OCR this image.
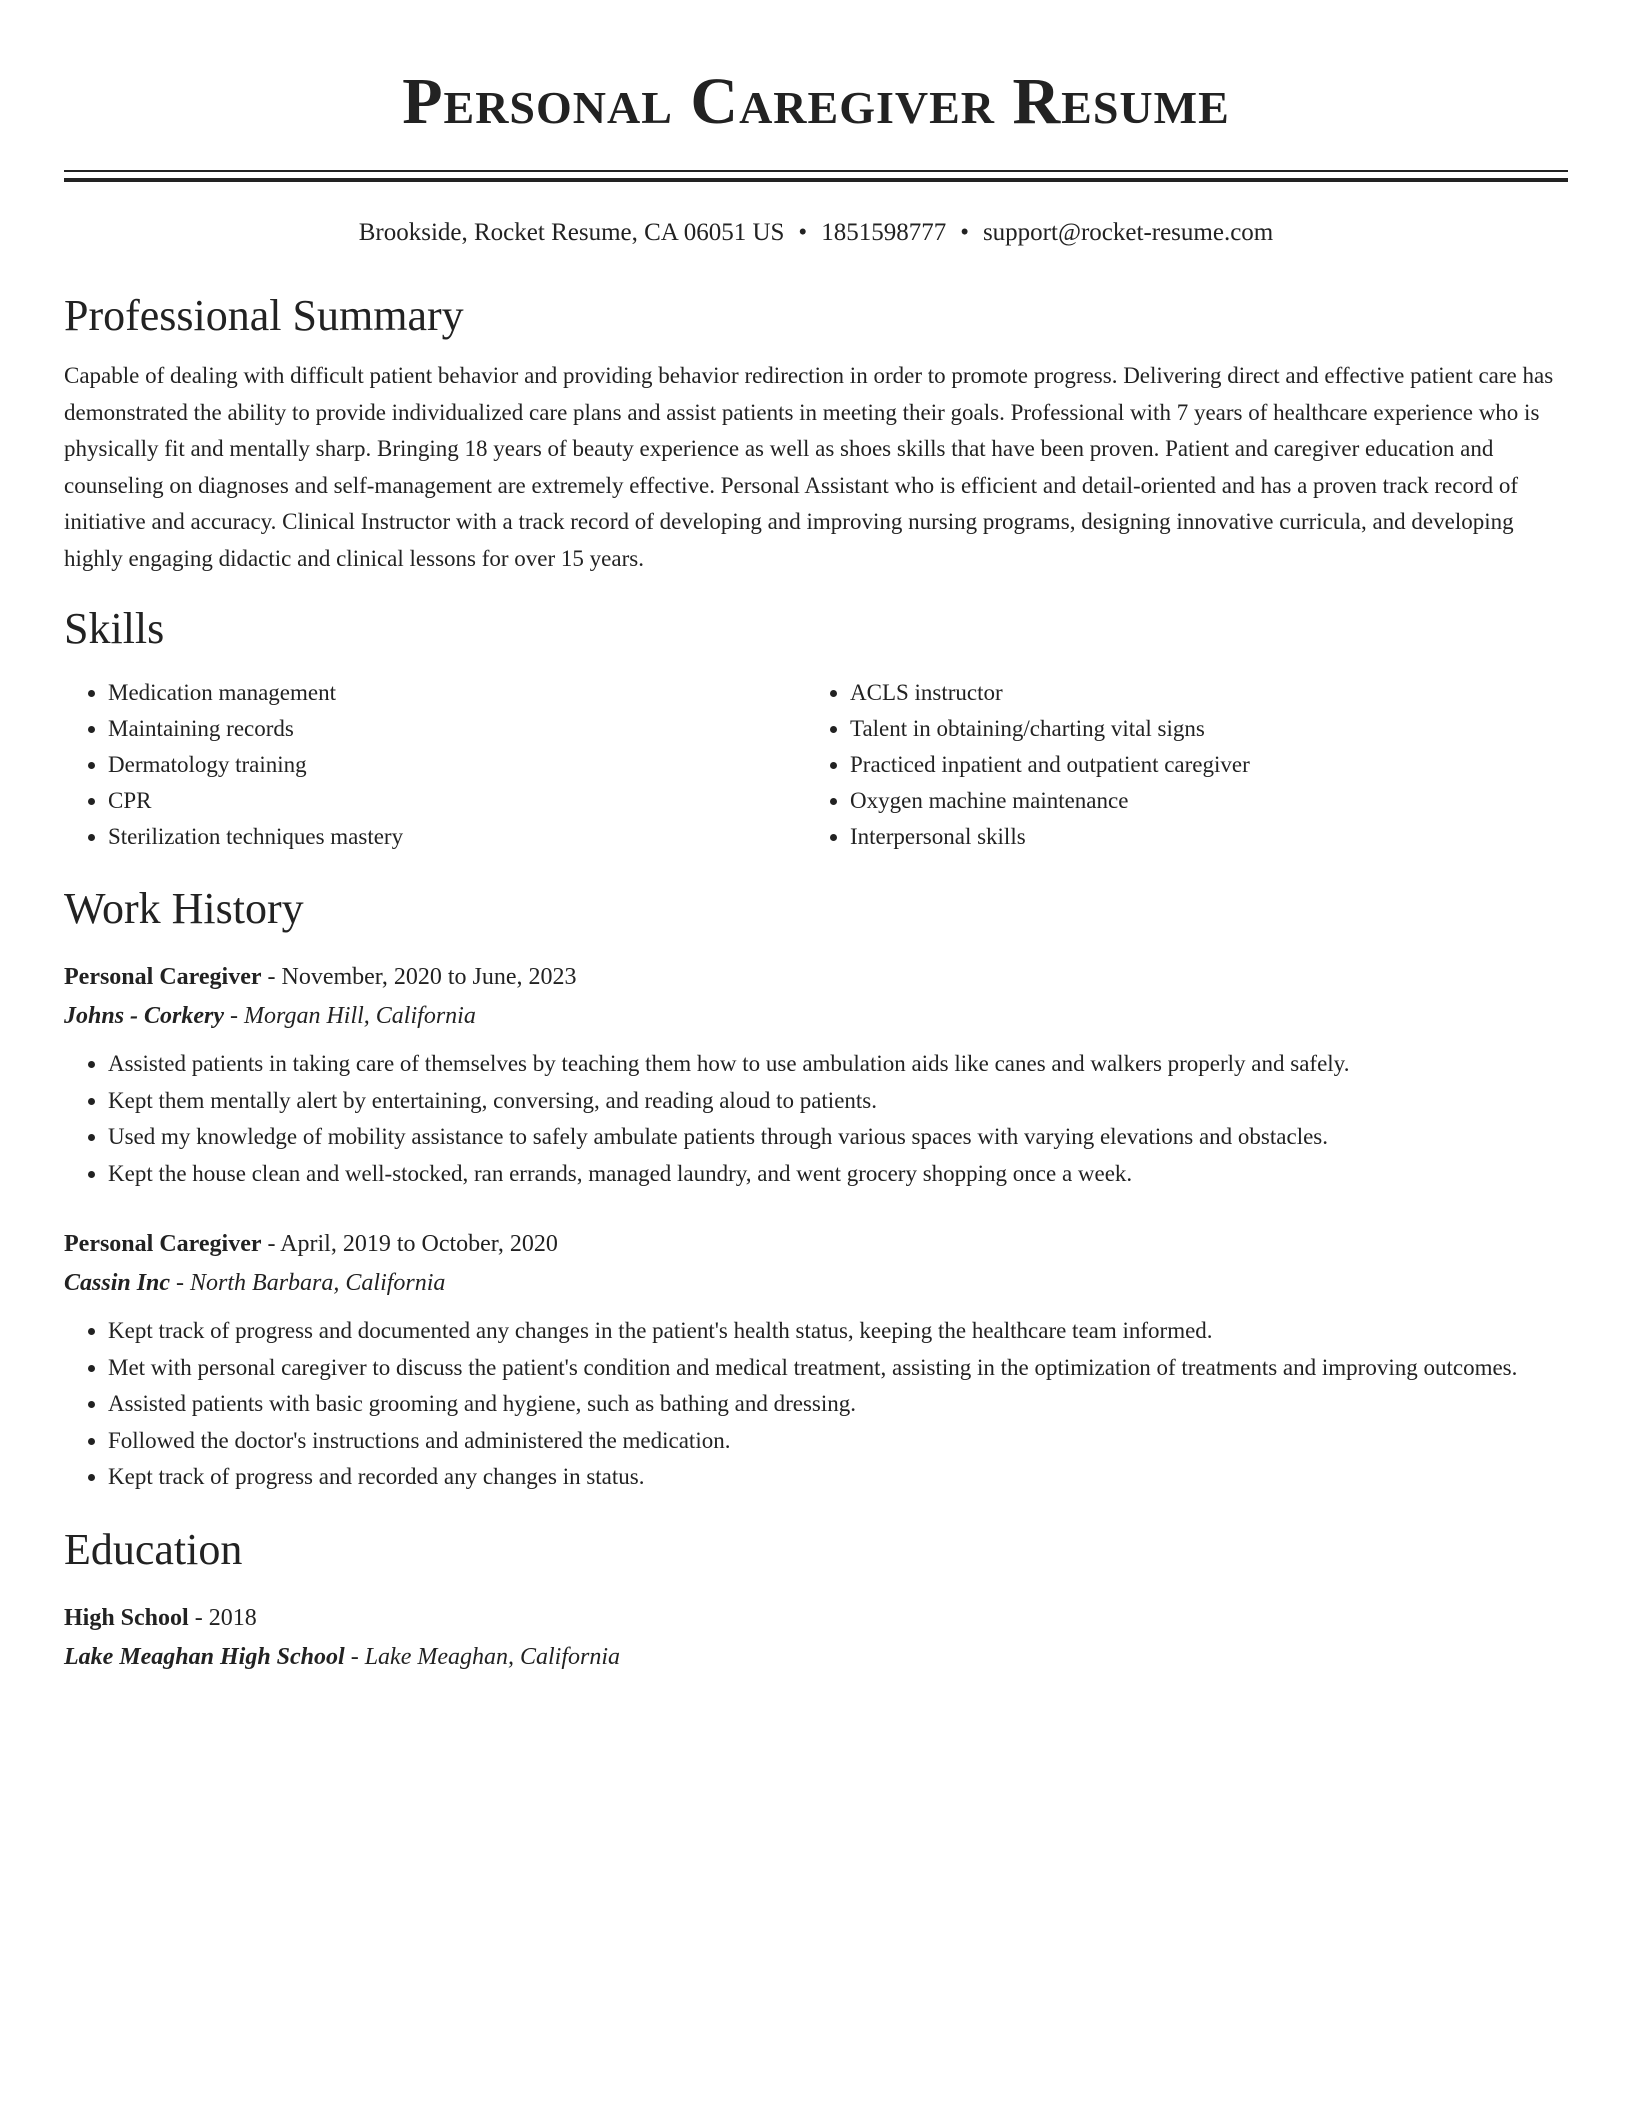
Personal Caregiver Resume
Brookside, Rocket Resume, CA 06051 US • 1851598777 • support@rocket-resume.com
Professional Summary

Capable of dealing with difficult patient behavior and providing behavior redirection in order to promote progress. Delivering direct and effective patient care has demonstrated the ability to provide individualized care plans and assist patients in meeting their goals. Professional with 7 years of healthcare experience who is physically fit and mentally sharp. Bringing 18 years of beauty experience as well as shoes skills that have been proven. Patient and caregiver education and counseling on diagnoses and self-management are extremely effective. Personal Assistant who is efficient and detail-oriented and has a proven track record of initiative and accuracy. Clinical Instructor with a track record of developing and improving nursing programs, designing innovative curricula, and developing highly engaging didactic and clinical lessons for over 15 years.

Skills
• Medication management
• Maintaining records
• Dermatology training
• CPR
• Sterilization techniques mastery
• ACLS instructor
• Talent in obtaining/charting vital signs
• Practiced inpatient and outpatient caregiver
• Oxygen machine maintenance
• Interpersonal skills
Work History
Personal Caregiver - November, 2020 to June, 2023
Johns - Corkery - Morgan Hill, California
• Assisted patients in taking care of themselves by teaching them how to use ambulation aids like canes and walkers properly and safely.
• Kept them mentally alert by entertaining, conversing, and reading aloud to patients.
• Used my knowledge of mobility assistance to safely ambulate patients through various spaces with varying elevations and obstacles.
• Kept the house clean and well-stocked, ran errands, managed laundry, and went grocery shopping once a week.
Personal Caregiver - April, 2019 to October, 2020
Cassin Inc - North Barbara, California
• Kept track of progress and documented any changes in the patient's health status, keeping the healthcare team informed.
• Met with personal caregiver to discuss the patient's condition and medical treatment, assisting in the optimization of treatments and improving outcomes.
• Assisted patients with basic grooming and hygiene, such as bathing and dressing.
• Followed the doctor's instructions and administered the medication.
• Kept track of progress and recorded any changes in status.
Education
High School - 2018
Lake Meaghan High School - Lake Meaghan, California
